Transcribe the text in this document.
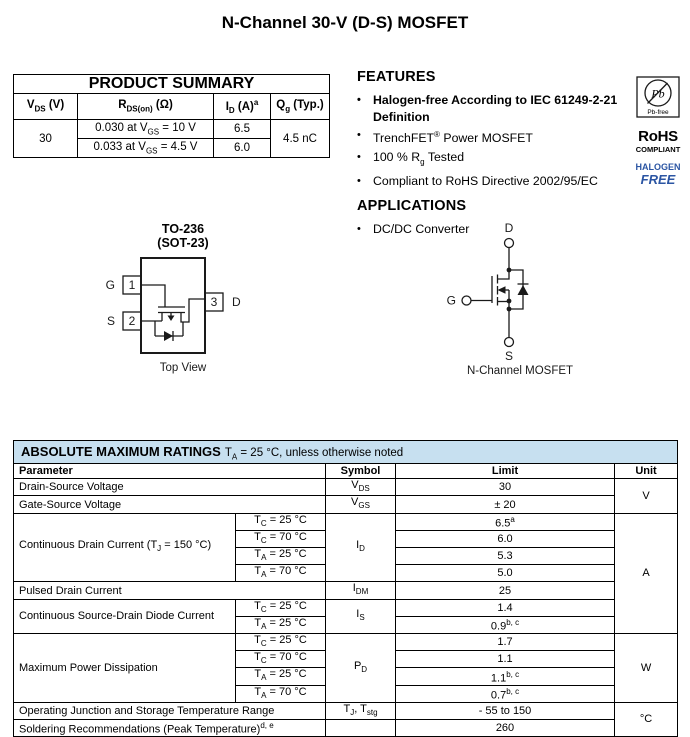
N-Channel 30-V (D-S) MOSFET
PRODUCT SUMMARY			
$V_{DS}$ (V)	$R_{DS(on)}$ (Ω)	$I_D$ $(A)^a$	$Q_g$ (Typ.)
30	0.030 at $V_{GS} = 10$ V	6.5	4.5 nC
	0.033 at $V_{GS} = 4.5$ V	6.0	
FEATURES
• Halogen-free According to IEC 61249-2-21 Definition
• TrenchFET® Power MOSFET
• 100 % $R_g$ Tested
• Compliant to RoHS Directive 2002/95/EC
APPLICATIONS
• DC/DC Converter
Pb
Pb-free
RoHS
COMPLIANT
HALOGEN
FREE
TO-236
(SOT-23)
G 1
S 2
3 D
Top View
D
S
G
N-Channel MOSFET
ABSOLUTE MAXIMUM RATINGS $T_A = 25$ °C, unless otherwise noted				
Parameter		Symbol	Limit	Unit
Drain-Source Voltage		$V_{DS}$	30	V
Gate-Source Voltage		$V_{GS}$	± 20	
Continuous Drain Current ($T_J = 150$ °C)	$T_C = 25$ °C	$I_D$	6.5$^a$	A
	$T_C = 70$ °C		6.0	
	$T_A = 25$ °C		5.3	
	$T_A = 70$ °C		5.0	
Pulsed Drain Current		$I_{DM}$	25	
Continuous Source-Drain Diode Current	$T_C = 25$ °C	$I_S$	1.4	
	$T_A = 25$ °C		0.9$^{b, c}$
Maximum Power Dissipation	$T_C = 25$ °C	$P_D$	1.7	W
	$T_C = 70$ °C		1.1	
	$T_A = 25$ °C		1.1$^{b, c}$
	$T_A = 70$ °C		0.7$^{b, c}$
Operating Junction and Storage Temperature Range		$T_J$, $T_{stg}$	- 55 to 150	°C
Soldering Recommendations (Peak Temperature)$^{d, e}$			260	
